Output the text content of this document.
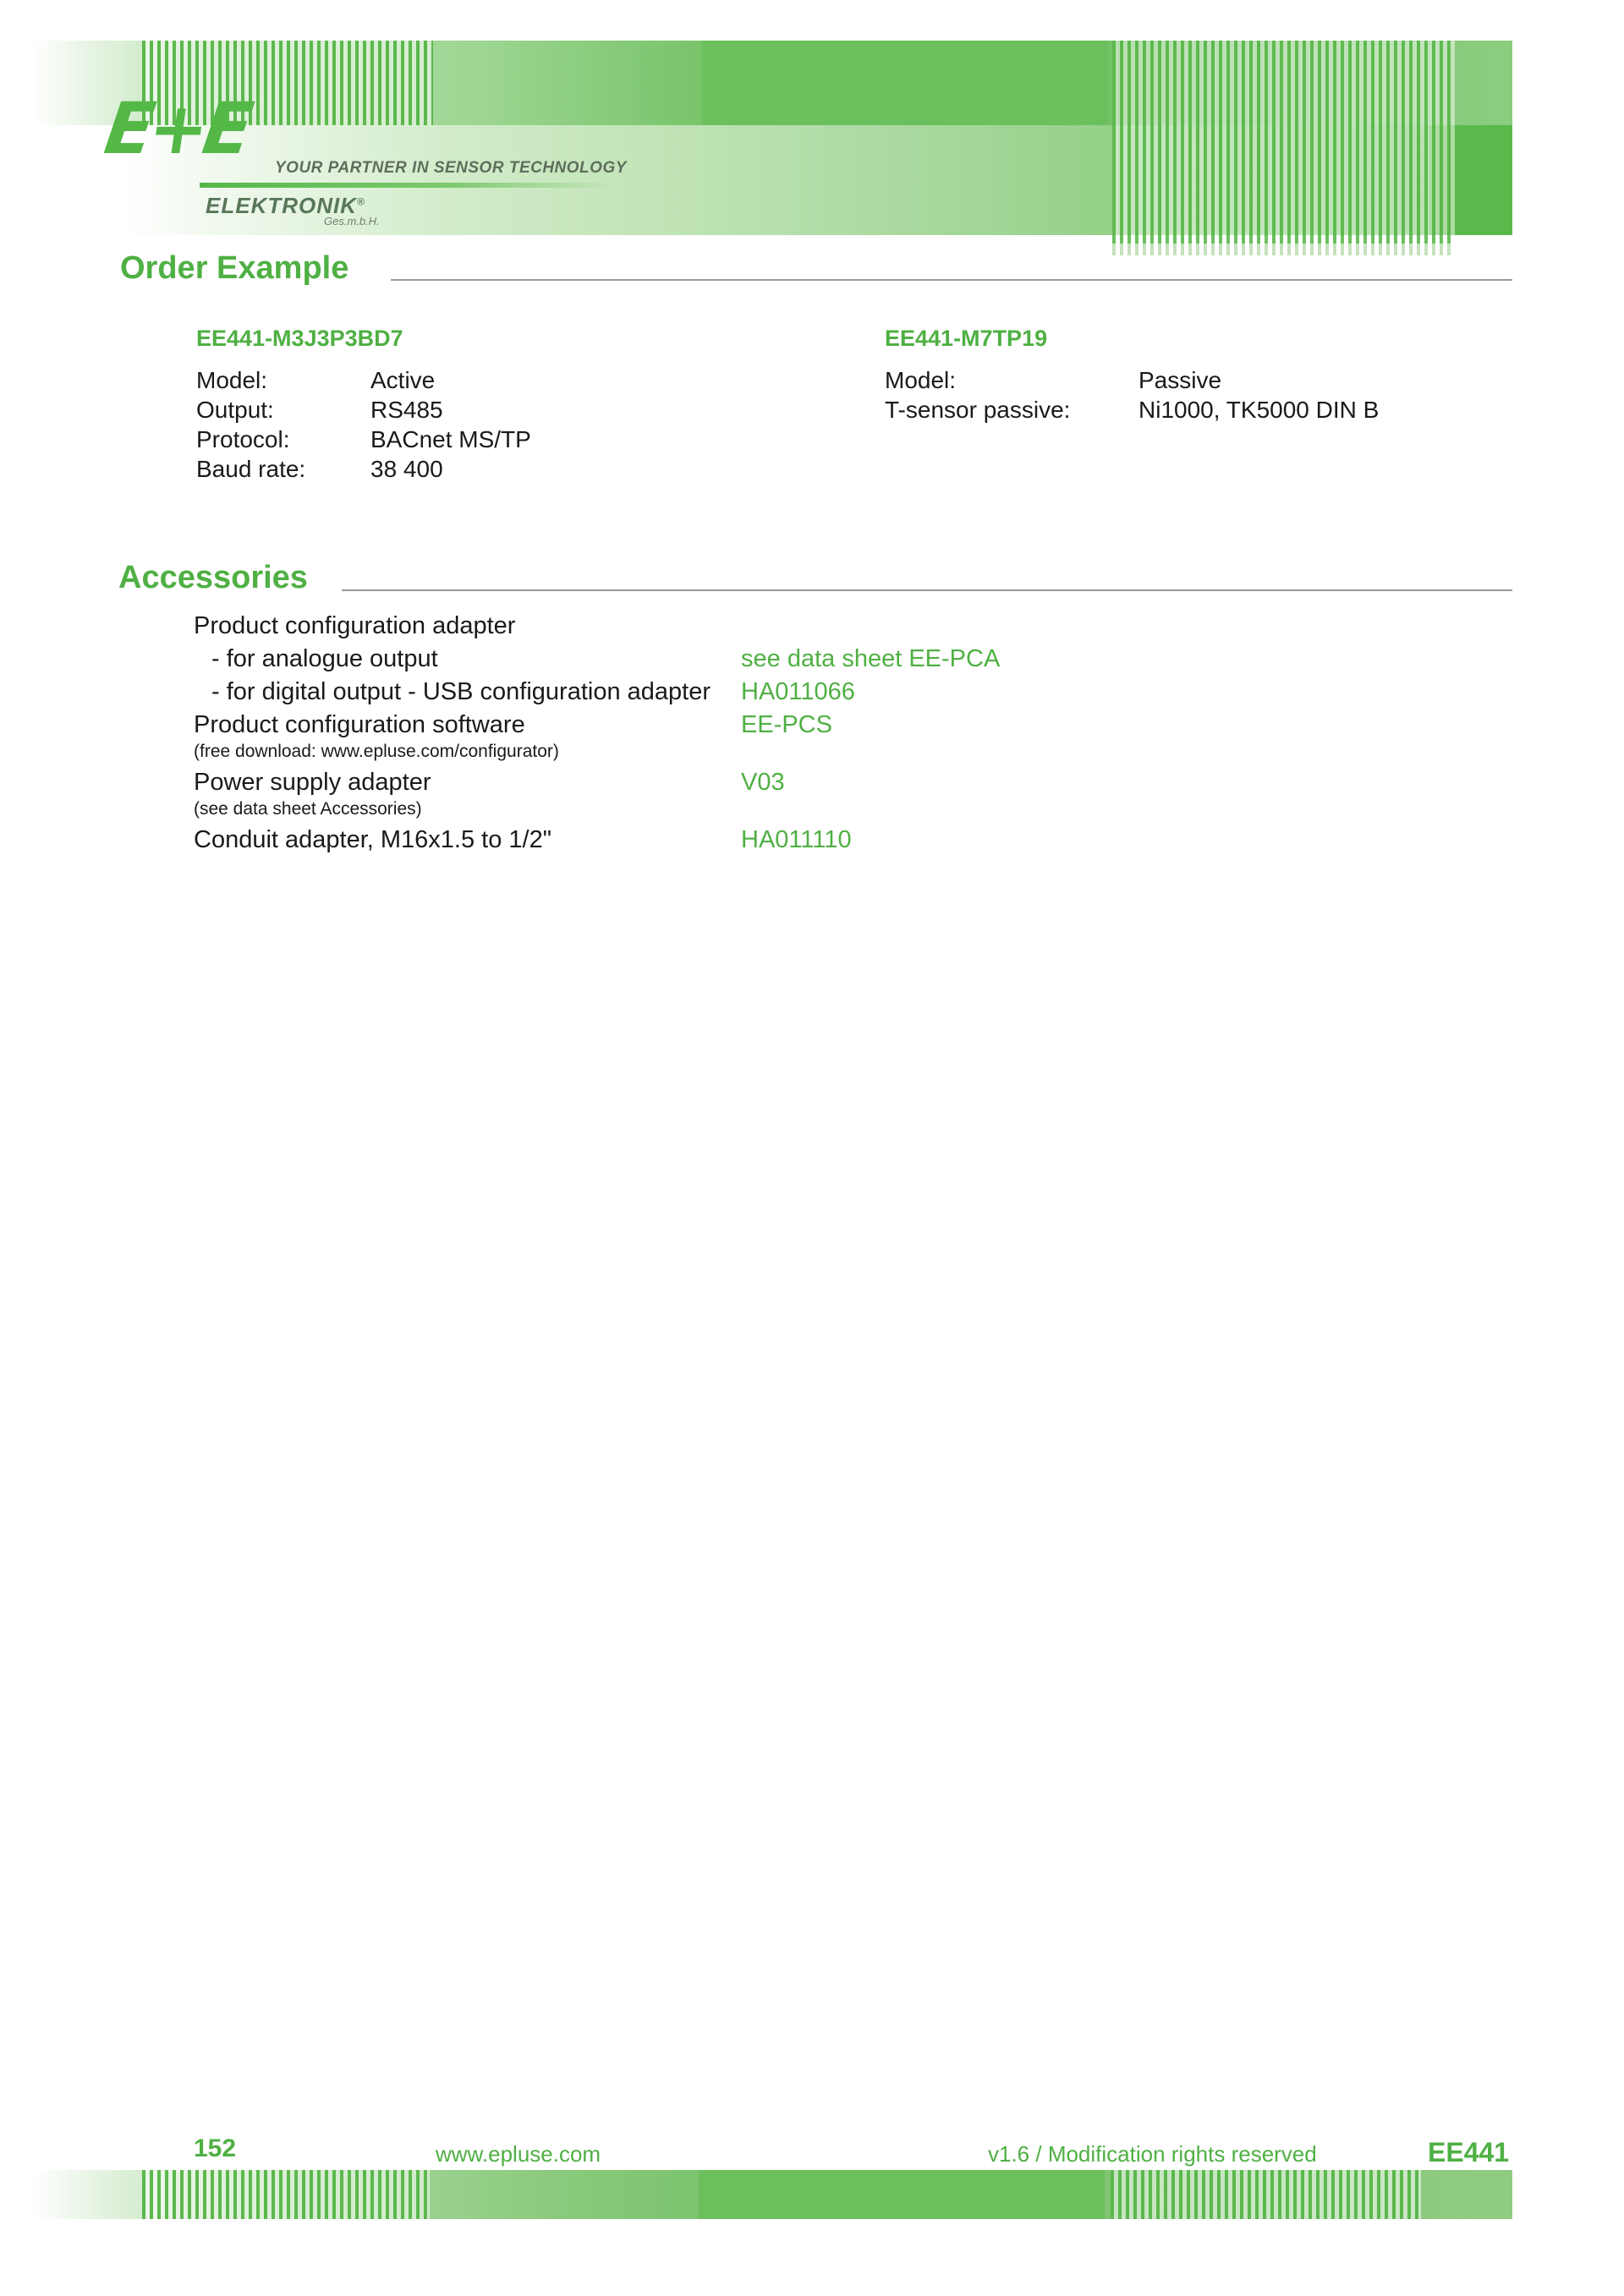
E+E YOUR PARTNER IN SENSOR TECHNOLOGY
ELEKTRONIK®
Ges.m.b.H.
Order Example
EE441-M3J3P3BD7
Model:	Active
Output:	RS485
Protocol:	BACnet MS/TP
Baud rate:	38 400
EE441-M7TP19
Model:	Passive
T-sensor passive:	Ni1000, TK5000 DIN B
Accessories
Product configuration adapter
- for analogue output	see data sheet EE-PCA
- for digital output - USB configuration adapter HA011066
Product configuration software	EE-PCS
(free download: www.epluse.com/configurator)
Power supply adapter	V03
(see data sheet Accessories)
Conduit adapter, M16x1.5 to 1/2"	HA011110
152	www.epluse.com	v1.6 / Modification rights reserved	EE441
